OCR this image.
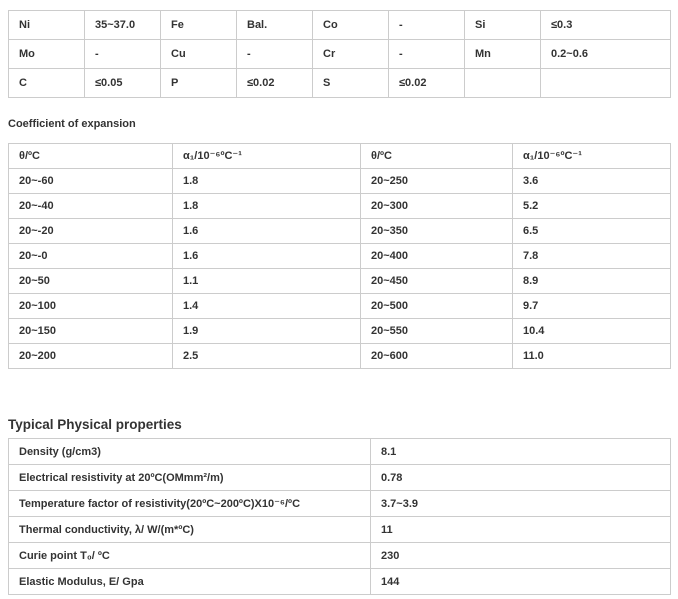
Ni	35~37.0	Fe	Bal.	Co	-	Si	≤0.3
Mo	-	Cu	-	Cr	-	Mn	0.2~0.6
C	≤0.05	P	≤0.02	S	≤0.02		
Coefficient of expansion
θ/ºC	α₁/10⁻⁶ºC⁻¹	θ/ºC	α₁/10⁻⁶ºC⁻¹
20~-60	1.8	20~250	3.6
20~-40	1.8	20~300	5.2
20~-20	1.6	20~350	6.5
20~-0	1.6	20~400	7.8
20~50	1.1	20~450	8.9
20~100	1.4	20~500	9.7
20~150	1.9	20~550	10.4
20~200	2.5	20~600	11.0
Typical Physical properties
Density (g/cm3)	8.1
Electrical resistivity at 20ºC(OMmm²/m)	0.78
Temperature factor of resistivity(20ºC~200ºC)X10⁻⁶/ºC	3.7~3.9
Thermal conductivity, λ/ W/(m*ºC)	11
Curie point T₀/ ºC	230
Elastic Modulus, E/ Gpa	144
